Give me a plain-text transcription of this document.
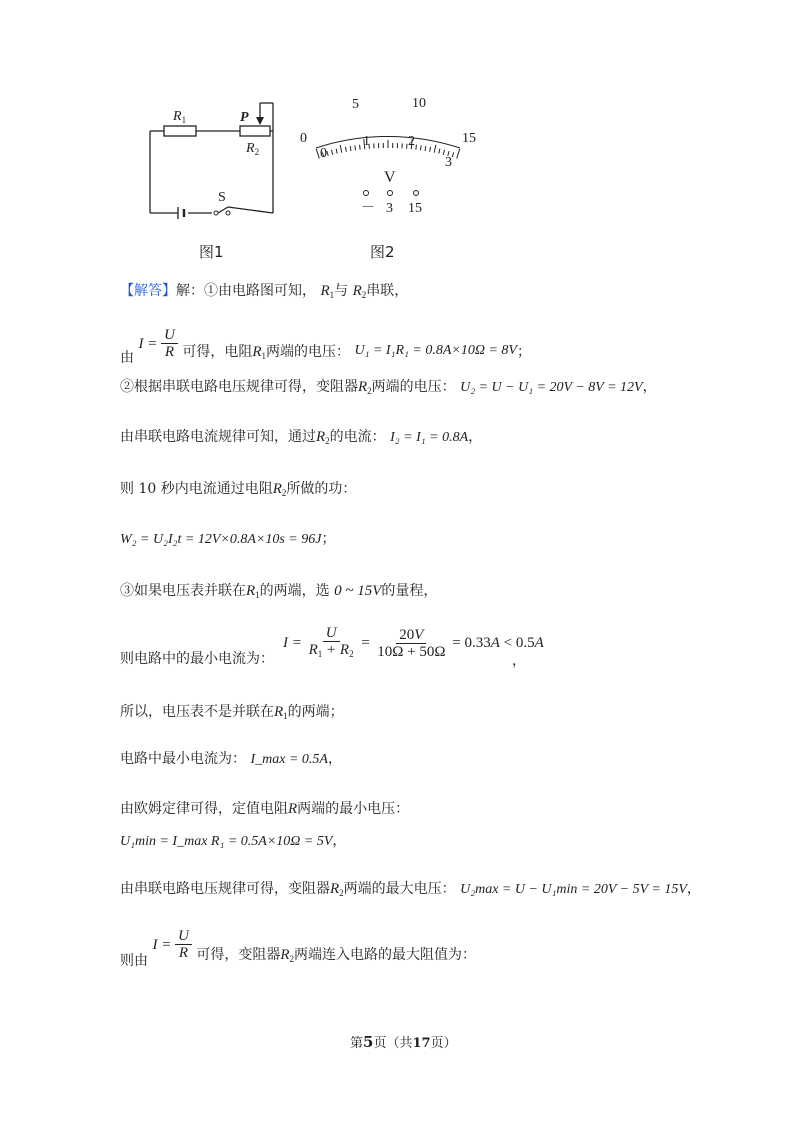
$R_1$	P
$R_2$
S
图1
0
5	10
15
0
1	2
3
V
－ 3 15
图2
【解答】解：①由电路图可知， $R_1$与 $R_2$串联，
由
$I = \frac{U}{R}$ 可得，电阻$R_1$两端的电压： U₁ = I₁R₁ = 0.8A×10Ω = 8V；
②根据串联电路电压规律可得，变阻器$R_2$两端的电压： U₂ = U − U₁ = 20V − 8V = 12V，
由串联电路电流规律可知，通过$R_2$的电流： I₂ = I₁ = 0.8A，
则 10 秒内电流通过电阻$R_2$所做的功：
W₂ = U₂I₂t = 12V×0.8A×10s = 96J；
③如果电压表并联在$R_1$的两端，选 0 ~ 15V的量程，
则电路中的最小电流为：
$I = \frac{U}{R_1 + R_2} = \frac{20V}{10\Omega + 50\Omega} = 0.33A < 0.5A$
，
所以，电压表不是并联在$R_1$的两端；
电路中最小电流为： I_max = 0.5A，
由欧姆定律可得，定值电阻R两端的最小电压：
U₁min = I_max R₁ = 0.5A×10Ω = 5V，
由串联电路电压规律可得，变阻器$R_2$两端的最大电压： U₂max = U − U₁min = 20V − 5V = 15V，
则由
$I = \frac{U}{R}$ 可得，变阻器$R_2$两端连入电路的最大阻值为：
第5页（共17页）
